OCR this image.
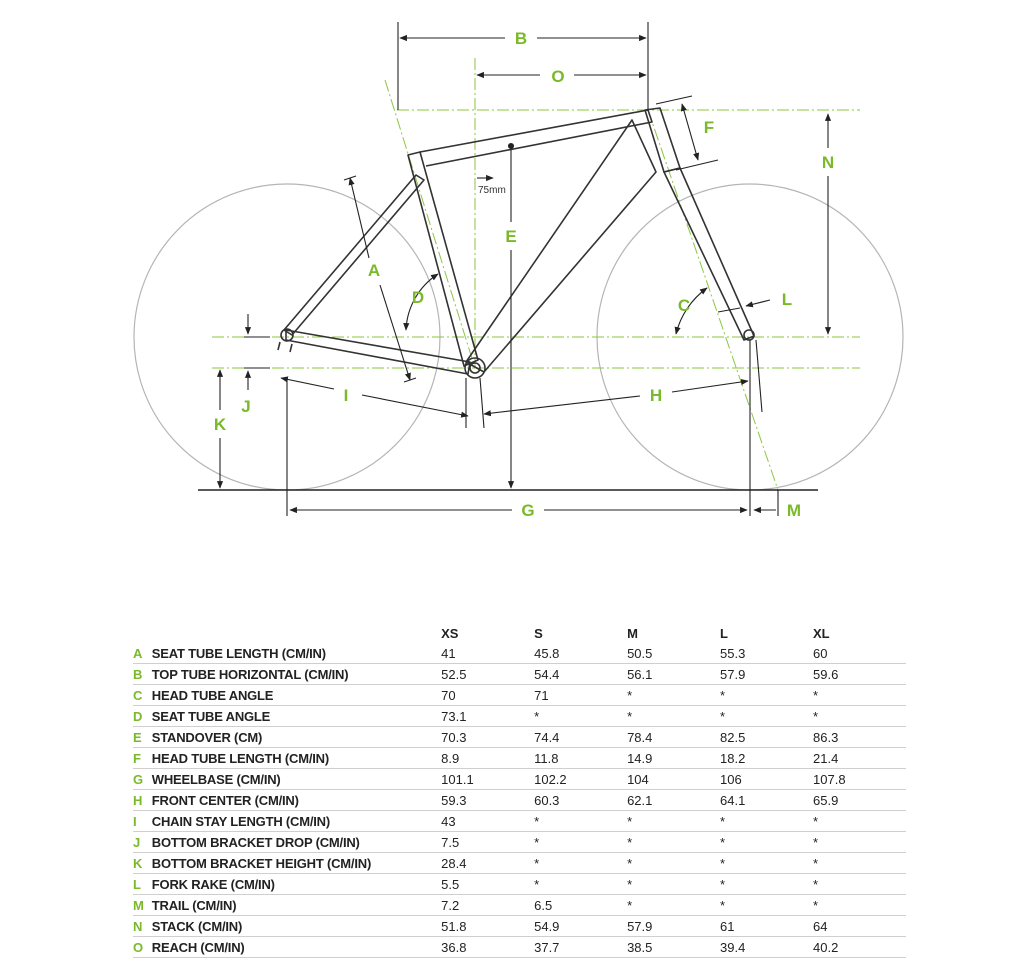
B
O
F
N
E
A
D	C	L
I	H
J
K
G	M
75mm
		XS	S	M	L	XL
A	SEAT TUBE LENGTH (CM/IN)	41	45.8	50.5	55.3	60
B	TOP TUBE HORIZONTAL (CM/IN)	52.5	54.4	56.1	57.9	59.6
C	HEAD TUBE ANGLE	70	71	*	*	*
D	SEAT TUBE ANGLE	73.1	*	*	*	*
E	STANDOVER (CM)	70.3	74.4	78.4	82.5	86.3
F	HEAD TUBE LENGTH (CM/IN)	8.9	11.8	14.9	18.2	21.4
G	WHEELBASE (CM/IN)	101.1	102.2	104	106	107.8
H	FRONT CENTER (CM/IN)	59.3	60.3	62.1	64.1	65.9
I	CHAIN STAY LENGTH (CM/IN)	43	*	*	*	*
J	BOTTOM BRACKET DROP (CM/IN)	7.5	*	*	*	*
K	BOTTOM BRACKET HEIGHT (CM/IN)	28.4	*	*	*	*
L	FORK RAKE (CM/IN)	5.5	*	*	*	*
M	TRAIL (CM/IN)	7.2	6.5	*	*	*
N	STACK (CM/IN)	51.8	54.9	57.9	61	64
O	REACH (CM/IN)	36.8	37.7	38.5	39.4	40.2
